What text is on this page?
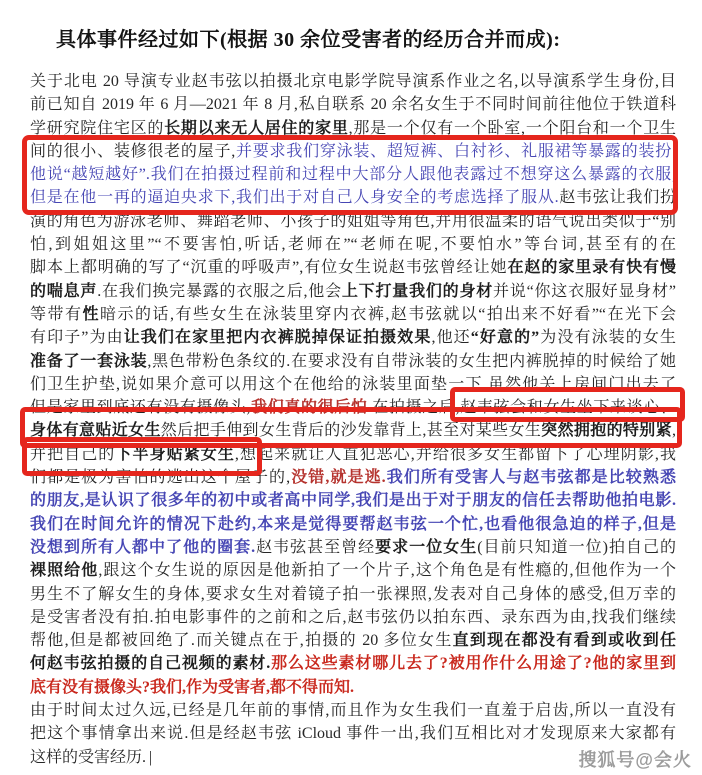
具体事件经过如下(根据 30 余位受害者的经历合并而成):
关于北电 20 导演专业赵韦弦以拍摄北京电影学院导演系作业之名,以导演系学生身份,目
前已知自 2019 年 6 月—2021 年 8 月,私自联系 20 余名女生于不同时间前往他位于铁道科
学研究院住宅区的长期以来无人居住的家里,那是一个仅有一个卧室,一个阳台和一个卫生
间的很小、装修很老的屋子,并要求我们穿泳装、超短裤、白衬衫、礼服裙等暴露的装扮.
他说“越短越好”.我们在拍摄过程前和过程中大部分人跟他表露过不想穿这么暴露的衣服,
但是在他一再的逼迫央求下,我们出于对自己人身安全的考虑选择了服从.赵韦弦让我们扮
演的角色为游泳老师、舞蹈老师、小孩子的姐姐等角色,并用很温柔的语气说出类似于“别
怕,到姐姐这里”“不要害怕,听话,老师在”“老师在呢,不要怕水”等台词,甚至有的在
脚本上都明确的写了“沉重的呼吸声”,有位女生说赵韦弦曾经让她在赵的家里录有快有慢
的喘息声.在我们换完暴露的衣服之后,他会上下打量我们的身材并说“你这衣服好显身材”
等带有性暗示的话,有些女生在泳装里穿内衣裤,赵韦弦就以“拍出来不好看”“在光下会
有印子”为由让我们在家里把内衣裤脱掉保证拍摄效果,他还“好意的”为没有泳装的女生
准备了一套泳装,黑色带粉色条纹的.在要求没有自带泳装的女生把内裤脱掉的时候给了她
们卫生护垫,说如果介意可以用这个在他给的泳装里面垫一下.虽然他关上房间门出去了
但是家里到底还有没有摄像头,我们真的很后怕.在拍摄之后,赵韦弦会和女生坐下来谈心、
身体有意贴近女生然后把手伸到女生背后的沙发靠背上,甚至对某些女生突然拥抱的特别紧,
并把自己的下半身贴紧女生,想起来就让人直犯恶心,并给很多女生都留下了心理阴影,我
们都是极为害怕的逃出这个屋子的,没错,就是逃.我们所有受害人与赵韦弦都是比较熟悉
的朋友,是认识了很多年的初中或者高中同学,我们是出于对于朋友的信任去帮助他拍电影.
我们在时间允许的情况下赴约,本来是觉得要帮赵韦弦一个忙,也看他很急迫的样子,但是
没想到所有人都中了他的圈套.赵韦弦甚至曾经要求一位女生(目前只知道一位)拍自己的
裸照给他,跟这个女生说的原因是他新拍了一个片子,这个角色是有性瘾的,但他作为一个
男生不了解女生的身体,要求女生对着镜子拍一张裸照,发表对自己身体的感受,但万幸的
是受害者没有拍.拍电影事件的之前和之后,赵韦弦仍以拍东西、录东西为由,找我们继续
帮他,但是都被回绝了.而关键点在于,拍摄的 20 多位女生直到现在都没有看到或收到任
何赵韦弦拍摄的自己视频的素材.那么这些素材哪儿去了?被用作什么用途了?他的家里到
底有没有摄像头?我们,作为受害者,都不得而知.
由于时间太过久远,已经是几年前的事情,而且作为女生我们一直羞于启齿,所以一直没有
把这个事情拿出来说.但是经赵韦弦 iCloud 事件一出,我们互相比对才发现原来大家都有
这样的受害经历. |	搜狐号@会火
